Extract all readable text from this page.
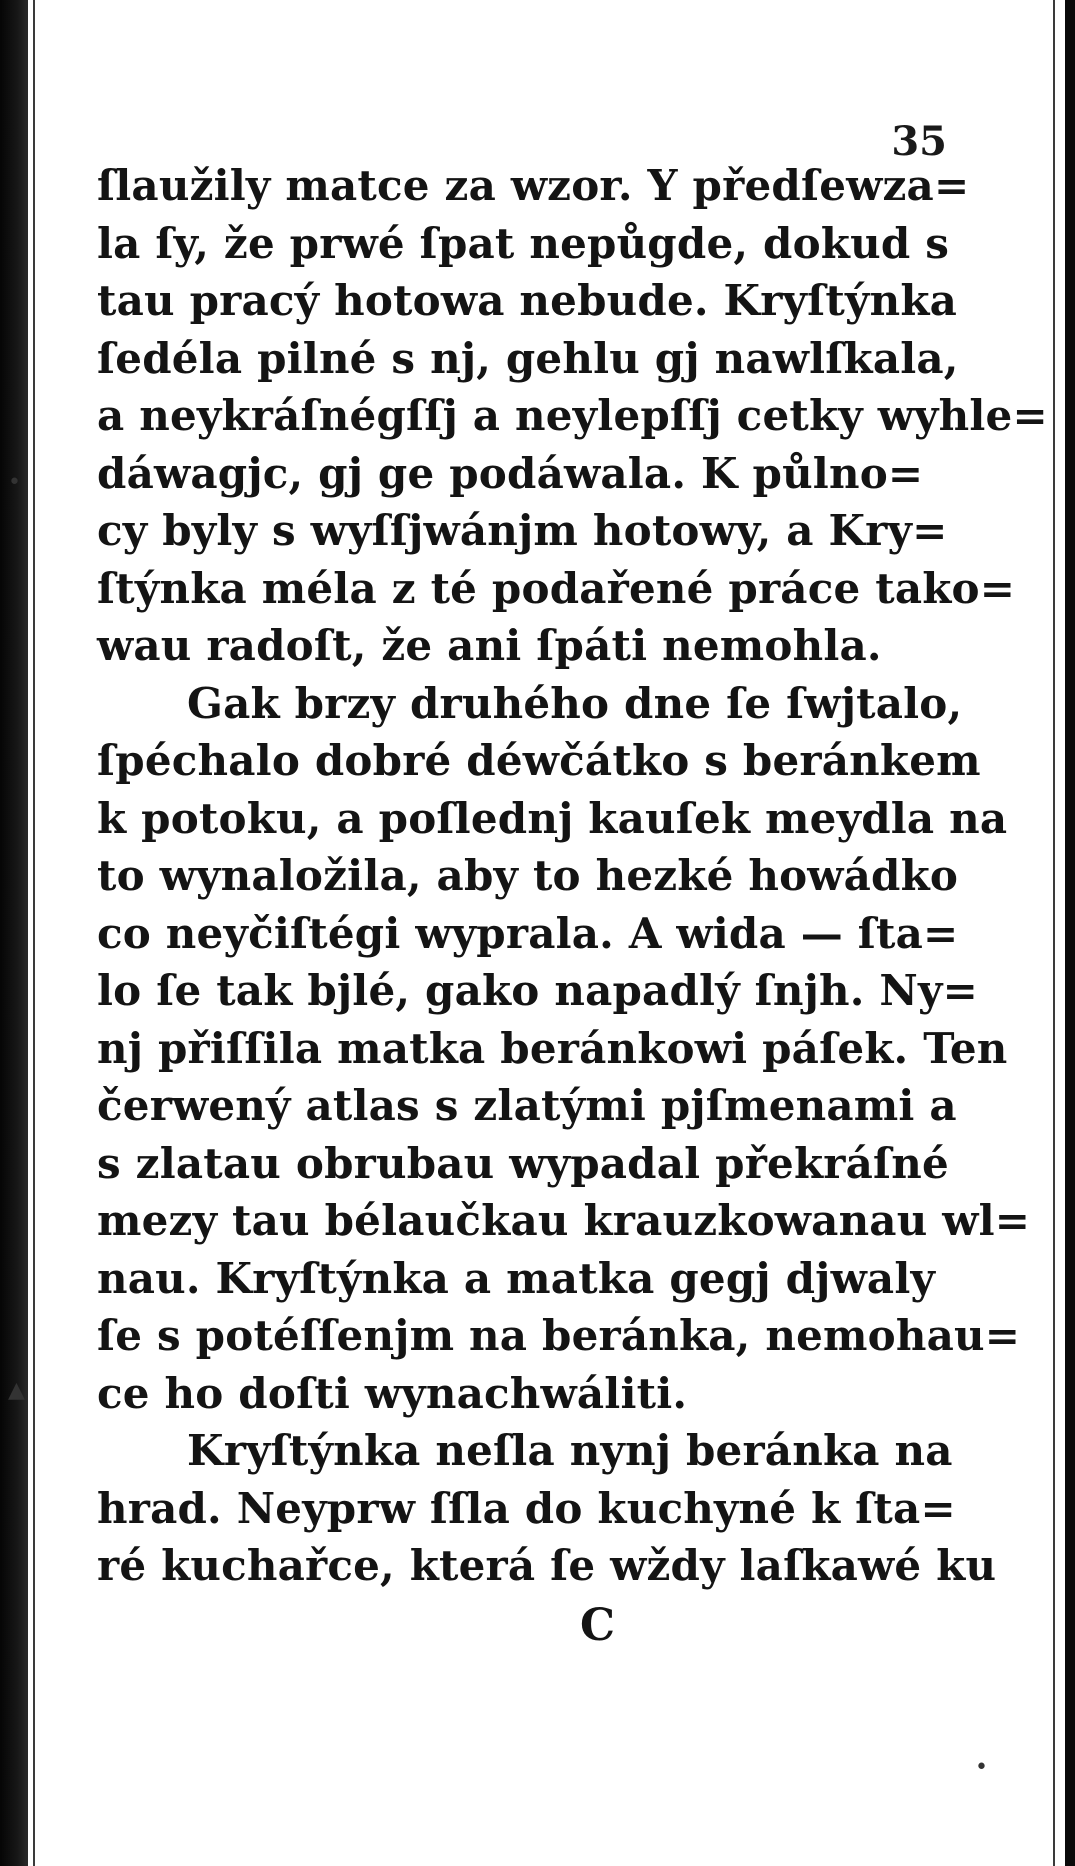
•
▲
•
35
ſlaužily matce za wzor. Y předſewza=
la ſy, že prwé ſpat nepůgde, dokud s
tau pracý hotowa nebude. Kryſtýnka
ſedéla pilné s nj, gehlu gj nawlſkala,
a neykráſnégſſj a neylepſſj cetky wyhle=
dáwagjc, gj ge podáwala. K půlno=
cy byly s wyſſjwánjm hotowy, a Kry=
ſtýnka méla z té podařené práce tako=
wau radoſt, že ani ſpáti nemohla.
Gak brzy druhého dne ſe ſwjtalo,
ſpéchalo dobré déwčátko s beránkem
k potoku, a poſlednj kauſek meydla na
to wynaložila, aby to hezké howádko
co neyčiſtégi wyprala. A wida — ſta=
lo ſe tak bjlé, gako napadlý ſnjh. Ny=
nj přiſſila matka beránkowi páſek. Ten
čerwený atlas s zlatými pjſmenami a
s zlatau obrubau wypadal překráſné
mezy tau bélaučkau krauzkowanau wl=
nau. Kryſtýnka a matka gegj djwaly
ſe s potéſſenjm na beránka, nemohau=
ce ho doſti wynachwáliti.
Kryſtýnka neſla nynj beránka na
hrad. Neyprw ſſla do kuchyné k ſta=
ré kuchařce, která ſe wždy laſkawé ku
C
